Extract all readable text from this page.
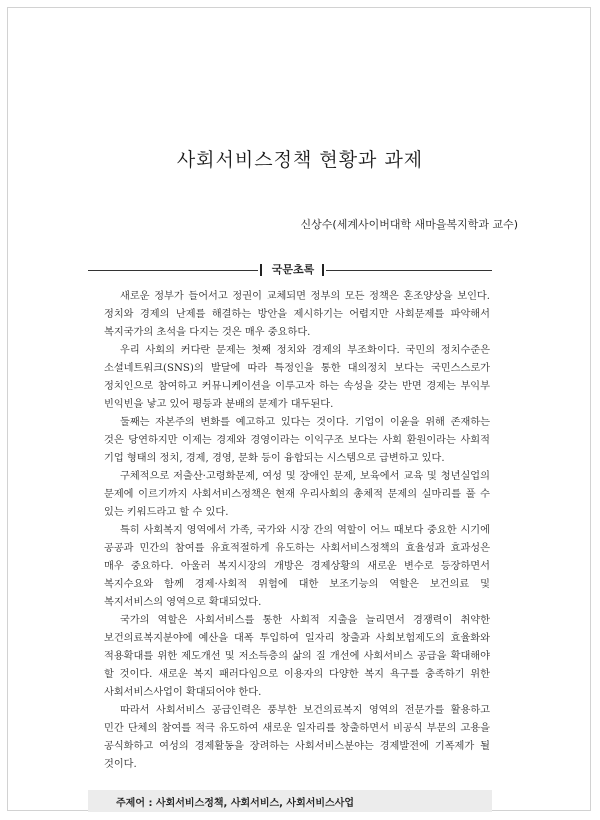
사회서비스정책 현황과 과제
신상수(세계사이버대학 새마을복지학과 교수)
국문초록

새로운 정부가 들어서고 정권이 교체되면 정부의 모든 정책은 혼조양상을 보인다. 정치와 경제의 난제를 해결하는 방안을 제시하기는 어렵지만 사회문제를 파악해서 복지국가의 초석을 다지는 것은 매우 중요하다.

우리 사회의 커다란 문제는 첫째 정치와 경제의 부조화이다. 국민의 정치수준은 소셜네트워크(SNS)의 발달에 따라 특정인을 통한 대의정치 보다는 국민스스로가 정치인으로 참여하고 커뮤니케이션을 이루고자 하는 속성을 갖는 반면 경제는 부익부 빈익빈을 낳고 있어 평등과 분배의 문제가 대두된다.

둘째는 자본주의 변화를 예고하고 있다는 것이다. 기업이 이윤을 위해 존재하는 것은 당연하지만 이제는 경제와 경영이라는 이익구조 보다는 사회 환원이라는 사회적 기업 형태의 정치, 경제, 경영, 문화 등이 융합되는 시스템으로 급변하고 있다.

구체적으로 저출산·고령화문제, 여성 및 장애인 문제, 보육에서 교육 및 청년실업의 문제에 이르기까지 사회서비스정책은 현재 우리사회의 총체적 문제의 실마리를 풀 수 있는 키워드라고 할 수 있다.

특히 사회복지 영역에서 가족, 국가와 시장 간의 역할이 어느 때보다 중요한 시기에 공공과 민간의 참여를 유효적절하게 유도하는 사회서비스정책의 효율성과 효과성은 매우 중요하다. 아울러 복지시장의 개방은 경제상황의 새로운 변수로 등장하면서 복지수요와 함께 경제·사회적 위험에 대한 보조기능의 역할은 보건의료 및 복지서비스의 영역으로 확대되었다.

국가의 역할은 사회서비스를 통한 사회적 지출을 늘리면서 경쟁력이 취약한 보건의료복지분야에 예산을 대폭 투입하여 일자리 창출과 사회보험제도의 효율화와 적용확대를 위한 제도개선 및 저소득층의 삶의 질 개선에 사회서비스 공급을 확대해야 할 것이다. 새로운 복지 패러다임으로 이용자의 다양한 복지 욕구를 충족하기 위한 사회서비스사업이 확대되어야 한다.

따라서 사회서비스 공급인력은 풍부한 보건의료복지 영역의 전문가를 활용하고 민간 단체의 참여를 적극 유도하여 새로운 일자리를 창출하면서 비공식 부문의 고용을 공식화하고 여성의 경제활동을 장려하는 사회서비스분야는 경제발전에 기폭제가 될 것이다.

주제어 : 사회서비스정책, 사회서비스, 사회서비스사업
